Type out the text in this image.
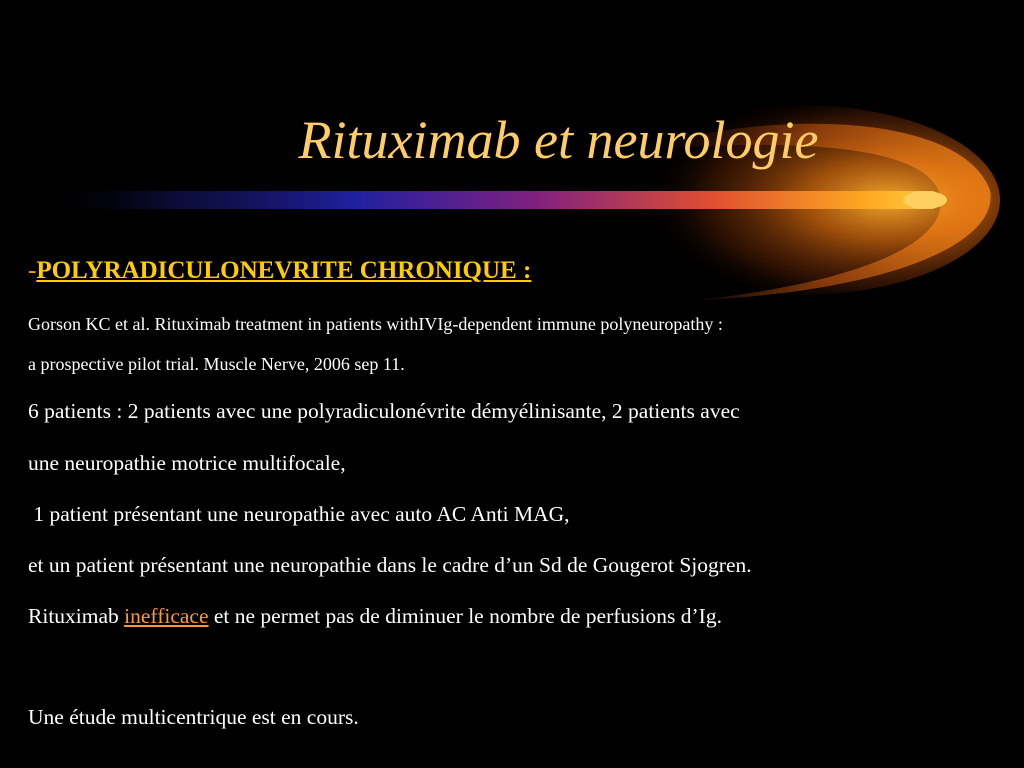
Rituximab et neurologie
-POLYRADICULONEVRITE CHRONIQUE :
Gorson KC et al. Rituximab treatment in patients withIVIg-dependent immune polyneuropathy :
a prospective pilot trial. Muscle Nerve, 2006 sep 11.
6 patients : 2 patients avec une polyradiculonévrite démyélinisante, 2 patients avec
une neuropathie motrice multifocale,
1 patient présentant une neuropathie avec auto AC Anti MAG,
et un patient présentant une neuropathie dans le cadre d’un Sd de Gougerot Sjogren.
Rituximab inefficace et ne permet pas de diminuer le nombre de perfusions d’Ig.
Une étude multicentrique est en cours.
